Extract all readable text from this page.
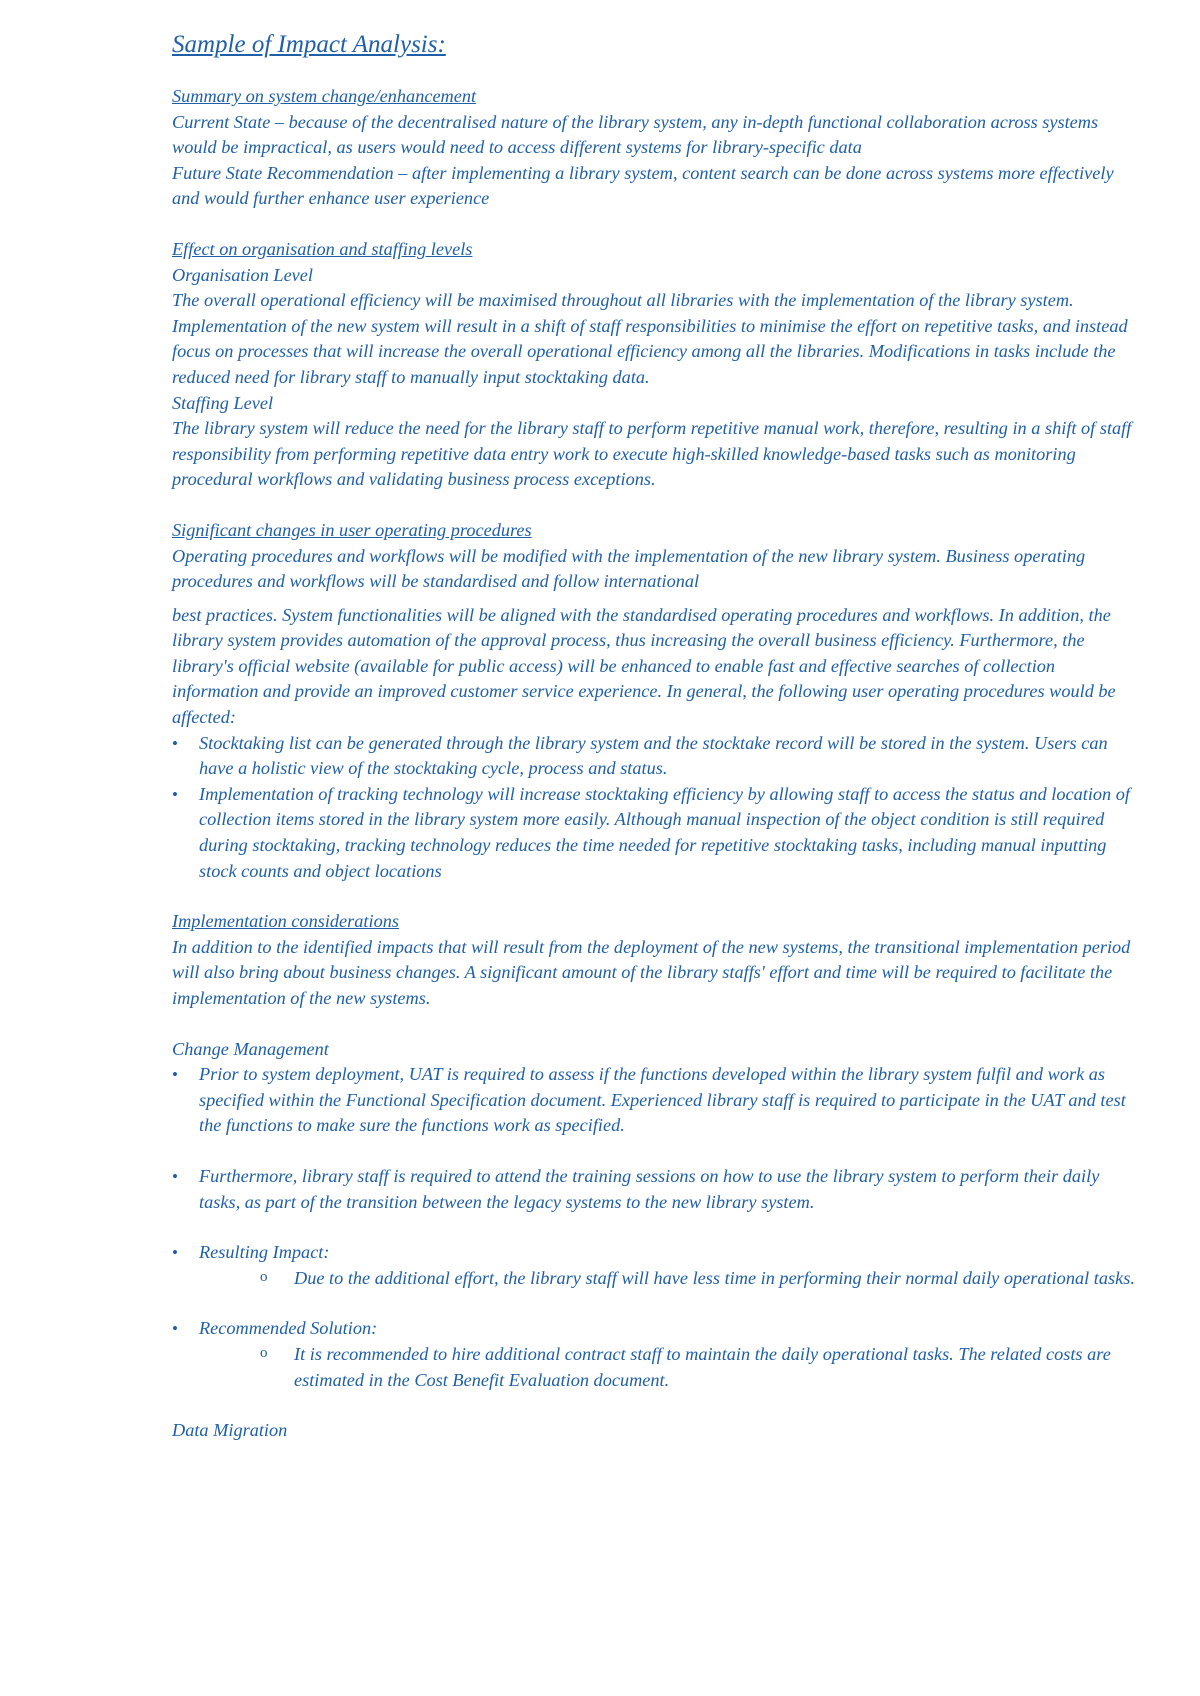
Sample of Impact Analysis:
Summary on system change/enhancement

Current State – because of the decentralised nature of the library system, any in-depth functional collaboration across systems would be impractical, as users would need to access different systems for library-specific data

Future State Recommendation – after implementing a library system, content search can be done across systems more effectively and would further enhance user experience

Effect on organisation and staffing levels

Organisation Level

The overall operational efficiency will be maximised throughout all libraries with the implementation of the library system. Implementation of the new system will result in a shift of staff responsibilities to minimise the effort on repetitive tasks, and instead focus on processes that will increase the overall operational efficiency among all the libraries. Modifications in tasks include the reduced need for library staff to manually input stocktaking data.

Staffing Level

The library system will reduce the need for the library staff to perform repetitive manual work, therefore, resulting in a shift of staff responsibility from performing repetitive data entry work to execute high-skilled knowledge-based tasks such as monitoring procedural workflows and validating business process exceptions.

Significant changes in user operating procedures

Operating procedures and workflows will be modified with the implementation of the new library system. Business operating procedures and workflows will be standardised and follow international

best practices. System functionalities will be aligned with the standardised operating procedures and workflows. In addition, the library system provides automation of the approval process, thus increasing the overall business efficiency. Furthermore, the library's official website (available for public access) will be enhanced to enable fast and effective searches of collection information and provide an improved customer service experience. In general, the following user operating procedures would be affected:

• Stocktaking list can be generated through the library system and the stocktake record will be stored in the system. Users can have a holistic view of the stocktaking cycle, process and status.
• Implementation of tracking technology will increase stocktaking efficiency by allowing staff to access the status and location of collection items stored in the library system more easily. Although manual inspection of the object condition is still required during stocktaking, tracking technology reduces the time needed for repetitive stocktaking tasks, including manual inputting stock counts and object locations
Implementation considerations

In addition to the identified impacts that will result from the deployment of the new systems, the transitional implementation period will also bring about business changes. A significant amount of the library staffs' effort and time will be required to facilitate the implementation of the new systems.

Change Management
• Prior to system deployment, UAT is required to assess if the functions developed within the library system fulfil and work as specified within the Functional Specification document. Experienced library staff is required to participate in the UAT and test the functions to make sure the functions work as specified.
• Furthermore, library staff is required to attend the training sessions on how to use the library system to perform their daily tasks, as part of the transition between the legacy systems to the new library system.
• Resulting Impact:
o Due to the additional effort, the library staff will have less time in performing their normal daily operational tasks.
• Recommended Solution:
o It is recommended to hire additional contract staff to maintain the daily operational tasks. The related costs are estimated in the Cost Benefit Evaluation document.
Data Migration
